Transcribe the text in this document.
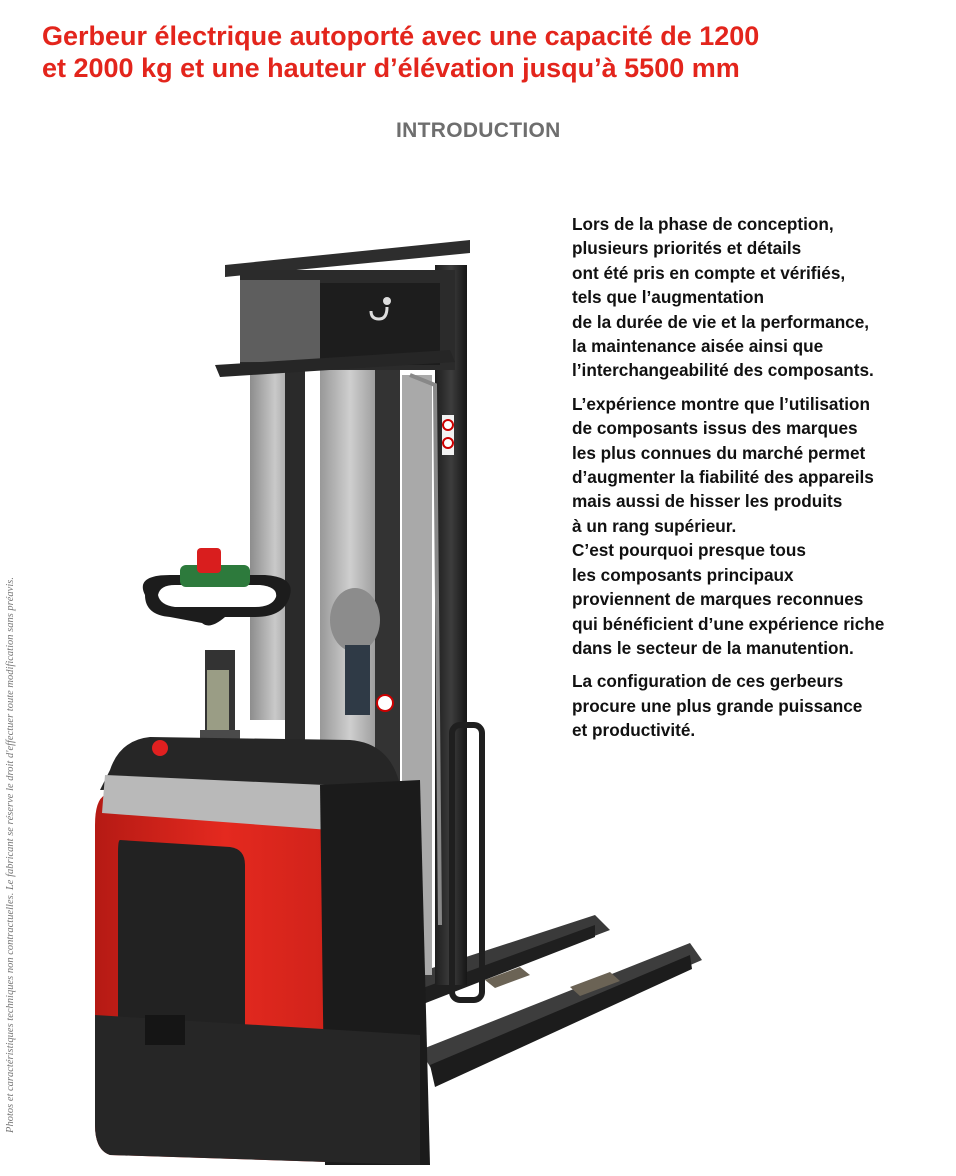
Gerbeur électrique autoporté avec une capacité de 1200
et 2000 kg et une hauteur d’élévation jusqu’à 5500 mm
INTRODUCTION
Photos et caractéristiques techniques non contractuelles. Le fabricant se réserve le droit d'effectuer toute modification sans préavis.

Lors de la phase de conception,
plusieurs priorités et détails
ont été pris en compte et vérifiés,
tels que l’augmentation
de la durée de vie et la performance,
la maintenance aisée ainsi que
l’interchangeabilité des composants.

L’expérience montre que l’utilisation
de composants issus des marques
les plus connues du marché permet
d’augmenter la fiabilité des appareils
mais aussi de hisser les produits
à un rang supérieur.
C’est pourquoi presque tous
les composants principaux
proviennent de marques reconnues
qui bénéficient d’une expérience riche
dans le secteur de la manutention.

La configuration de ces gerbeurs
procure une plus grande puissance
et productivité.
